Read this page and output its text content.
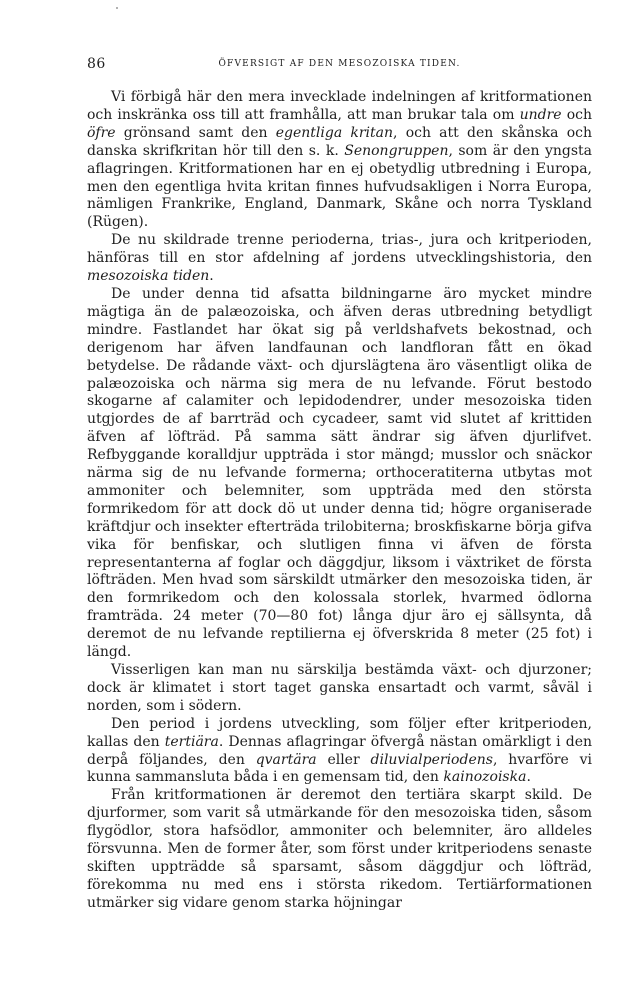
86	ÖFVERSIGT AF DEN MESOZOISKA TIDEN.

Vi förbigå här den mera invecklade indelningen af kritformationen och inskränka oss till att framhålla, att man brukar tala om undre och öfre grönsand samt den egentliga kritan, och att den skånska och danska skrifkritan hör till den s. k. Senongruppen, som är den yngsta aflagringen. Kritformationen har en ej obetydlig utbredning i Europa, men den egentliga hvita kritan finnes hufvudsakligen i Norra Europa, nämligen Frankrike, England, Danmark, Skåne och norra Tyskland (Rügen).

De nu skildrade trenne perioderna, trias-, jura och kritperioden, hänföras till en stor afdelning af jordens utvecklingshistoria, den mesozoiska tiden.

De under denna tid afsatta bildningarne äro mycket mindre mägtiga än de palæozoiska, och äfven deras utbredning betydligt mindre. Fastlandet har ökat sig på verldshafvets bekostnad, och derigenom har äfven landfaunan och landfloran fått en ökad betydelse. De rådande växt- och djurslägtena äro väsentligt olika de palæozoiska och närma sig mera de nu lefvande. Förut bestodo skogarne af calamiter och lepidodendrer, under mesozoiska tiden utgjordes de af barrträd och cycadeer, samt vid slutet af krittiden äfven af löfträd. På samma sätt ändrar sig äfven djurlifvet. Refbyggande koralldjur uppträda i stor mängd; musslor och snäckor närma sig de nu lefvande formerna; orthoceratiterna utbytas mot ammoniter och belemniter, som uppträda med den största formrikedom för att dock dö ut under denna tid; högre organiserade kräftdjur och insekter efterträda trilobiterna; broskfiskarne börja gifva vika för benfiskar, och slutligen finna vi äfven de första representanterna af foglar och däggdjur, liksom i växtriket de första löfträden. Men hvad som särskildt utmärker den mesozoiska tiden, är den formrikedom och den kolossala storlek, hvarmed ödlorna framträda. 24 meter (70—80 fot) långa djur äro ej sällsynta, då deremot de nu lefvande reptilierna ej öfverskrida 8 meter (25 fot) i längd.

Visserligen kan man nu särskilja bestämda växt- och djurzoner; dock är klimatet i stort taget ganska ensartadt och varmt, såväl i norden, som i södern.

Den period i jordens utveckling, som följer efter kritperioden, kallas den tertiära. Dennas aflagringar öfvergå nästan omärkligt i den derpå följandes, den qvartära eller diluvialperiodens, hvarföre vi kunna sammansluta båda i en gemensam tid, den kainozoiska.

Från kritformationen är deremot den tertiära skarpt skild. De djurformer, som varit så utmärkande för den mesozoiska tiden, såsom flygödlor, stora hafsödlor, ammoniter och belemniter, äro alldeles försvunna. Men de former åter, som först under kritperiodens senaste skiften uppträdde så sparsamt, såsom däggdjur och löfträd, förekomma nu med ens i största rikedom. Tertiärformationen utmärker sig vidare genom starka höjningar
